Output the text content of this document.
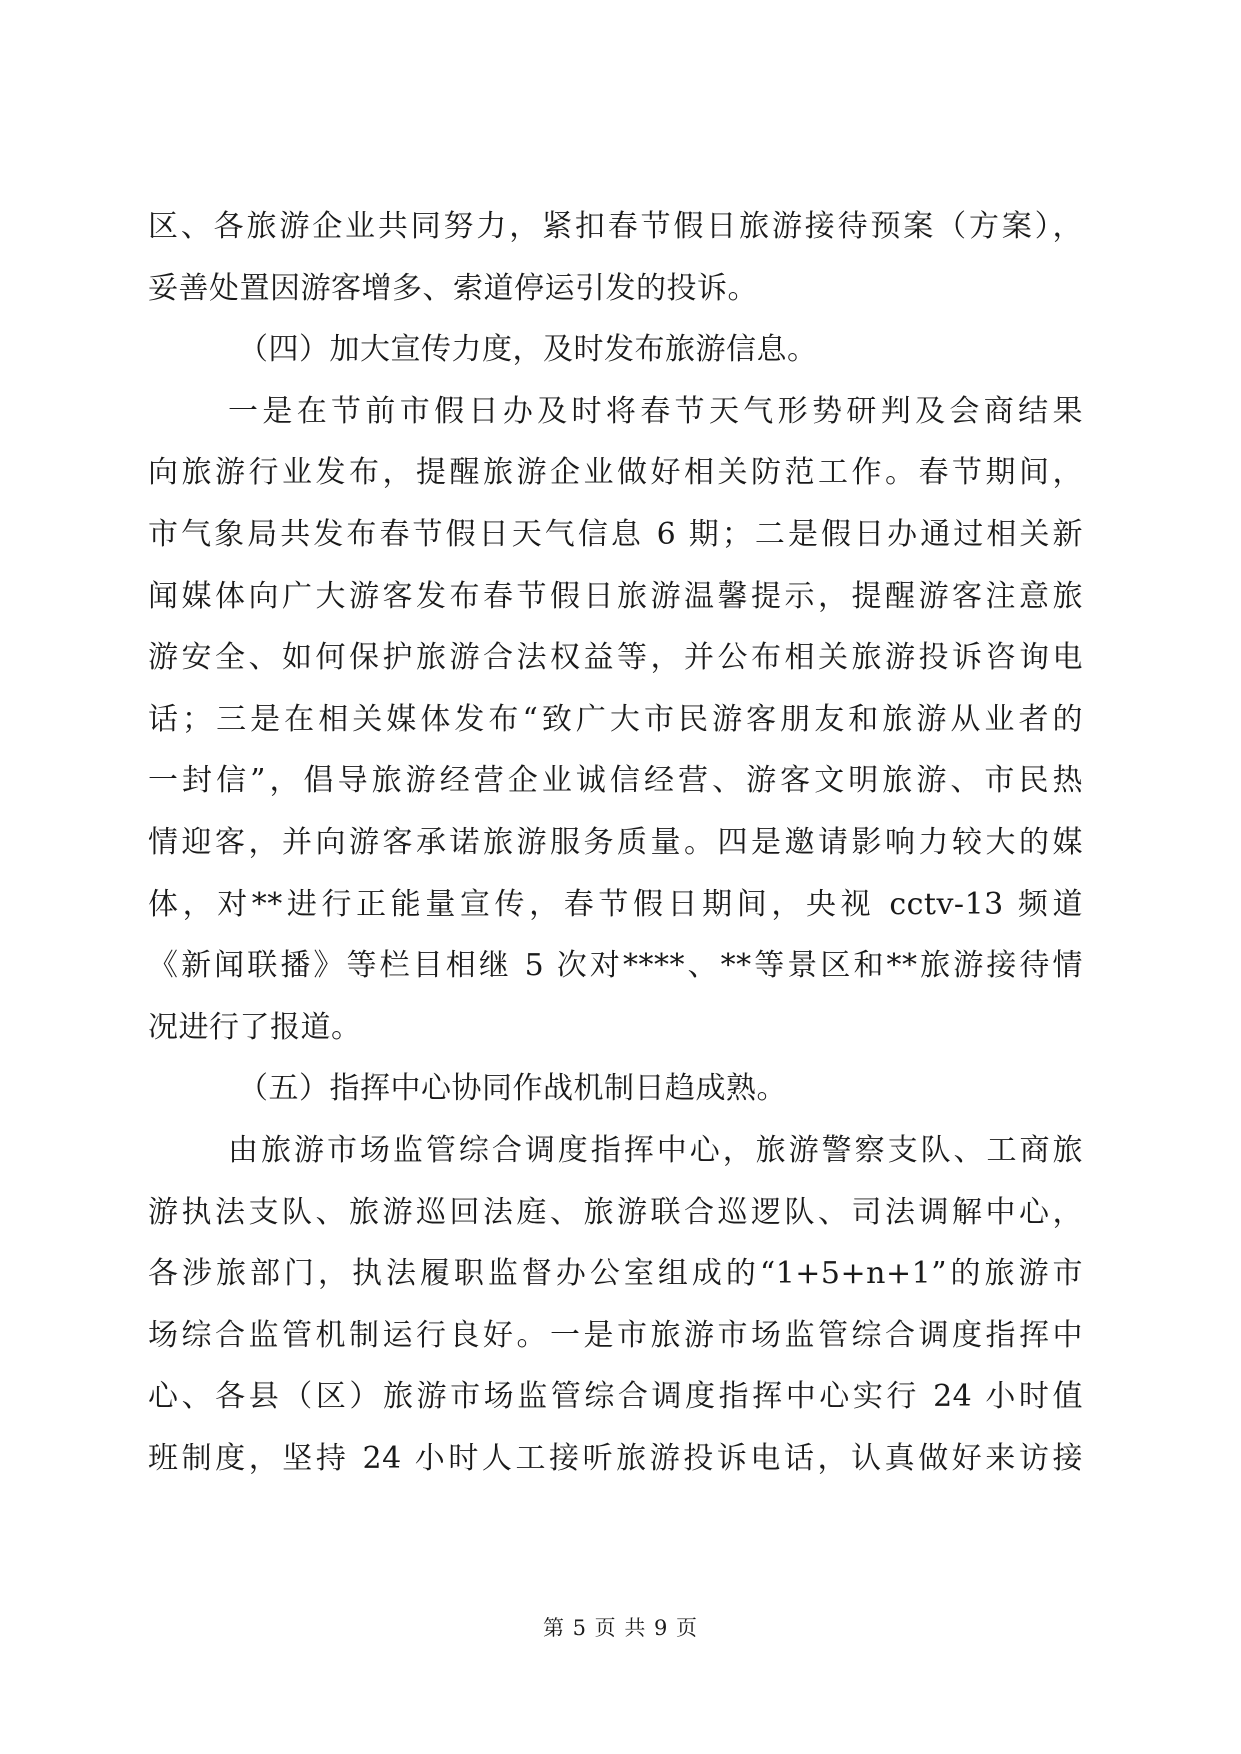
区、各旅游企业共同努力，紧扣春节假日旅游接待预案（方案），
妥善处置因游客增多、索道停运引发的投诉。
（四）加大宣传力度，及时发布旅游信息。
一是在节前市假日办及时将春节天气形势研判及会商结果
向旅游行业发布，提醒旅游企业做好相关防范工作。春节期间，
市气象局共发布春节假日天气信息 6 期；二是假日办通过相关新
闻媒体向广大游客发布春节假日旅游温馨提示，提醒游客注意旅
游安全、如何保护旅游合法权益等，并公布相关旅游投诉咨询电
话；三是在相关媒体发布“致广大市民游客朋友和旅游从业者的
一封信”，倡导旅游经营企业诚信经营、游客文明旅游、市民热
情迎客，并向游客承诺旅游服务质量。四是邀请影响力较大的媒
体，对**进行正能量宣传，春节假日期间，央视 cctv-13 频道
《新闻联播》等栏目相继 5 次对****、**等景区和**旅游接待情
况进行了报道。
（五）指挥中心协同作战机制日趋成熟。
由旅游市场监管综合调度指挥中心，旅游警察支队、工商旅
游执法支队、旅游巡回法庭、旅游联合巡逻队、司法调解中心，
各涉旅部门，执法履职监督办公室组成的“1+5+n+1”的旅游市
场综合监管机制运行良好。一是市旅游市场监管综合调度指挥中
心、各县（区）旅游市场监管综合调度指挥中心实行 24 小时值
班制度，坚持 24 小时人工接听旅游投诉电话，认真做好来访接
第 5 页 共 9 页
